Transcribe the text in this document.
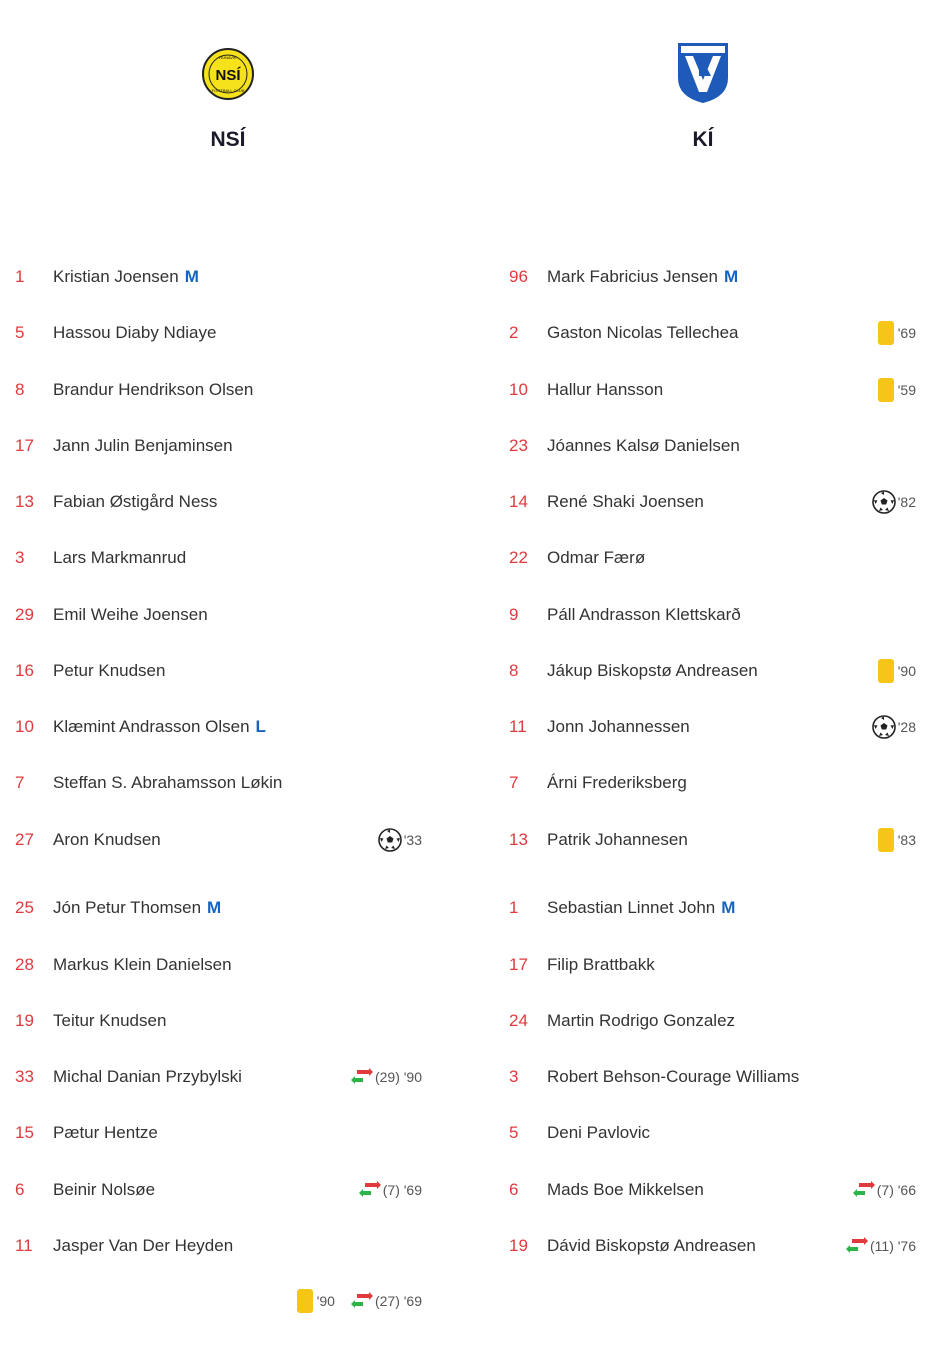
NSÍ
RUNAVÍK
FOOTBALL CLUB
NSÍ	KÍ
1	Kristian Joensen M
5	Hassou Diaby Ndiaye
8	Brandur Hendrikson Olsen
17	Jann Julin Benjaminsen
13	Fabian Østigård Ness
3	Lars Markmanrud
29	Emil Weihe Joensen
16	Petur Knudsen
10	Klæmint Andrasson Olsen L
7	Steffan S. Abrahamsson Løkin
27	Aron Knudsen	'33
25	Jón Petur Thomsen M
28	Markus Klein Danielsen
19	Teitur Knudsen
33	Michal Danian Przybylski	(29) '90
15	Pætur Hentze
6	Beinir Nolsøe	(7) '69
11	Jasper Van Der Heyden
'90	(27) '69
96	Mark Fabricius Jensen M
2	Gaston Nicolas Tellechea	'69
10	Hallur Hansson	'59
23	Jóannes Kalsø Danielsen
14	René Shaki Joensen	'82
22	Odmar Færø
9	Páll Andrasson Klettskarð
8	Jákup Biskopstø Andreasen	'90
11	Jonn Johannessen	'28
7	Árni Frederiksberg
13	Patrik Johannesen	'83
1	Sebastian Linnet John M
17	Filip Brattbakk
24	Martin Rodrigo Gonzalez
3	Robert Behson-Courage Williams
5	Deni Pavlovic
6	Mads Boe Mikkelsen	(7) '66
19	Dávid Biskopstø Andreasen	(11) '76
